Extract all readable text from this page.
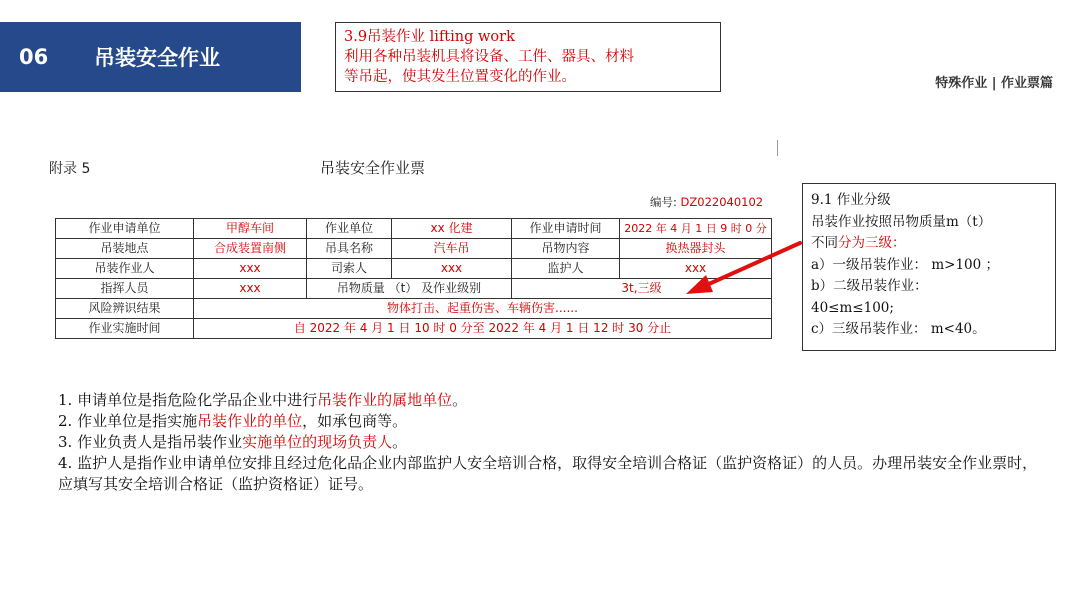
06	吊装安全作业
特殊作业 | 作业票篇
3.9吊装作业 lifting work
利用各种吊装机具将设备、工件、器具、材料
等吊起，使其发生位置变化的作业。
附录 5	吊装安全作业票
编号: DZ022040102
作业申请单位	甲醇车间	作业单位	xx 化建	作业申请时间	2022 年 4 月 1 日 9 时 0 分
吊装地点	合成装置南侧	吊具名称	汽车吊	吊物内容	换热器封头
吊装作业人	xxx	司索人	xxx	监护人	xxx
指挥人员	xxx	吊物质量 （t） 及作业级别		3t,三级	
风险辨识结果	物体打击、起重伤害、车辆伤害......				
作业实施时间	自 2022 年 4 月 1 日 10 时 0 分至 2022 年 4 月 1 日 12 时 30 分止				
9.1 作业分级
吊装作业按照吊物质量m（t）
不同分为三级：
a）一级吊装作业： m>100 ；
b）二级吊装作业：
40≤m≤100;
c）三级吊装作业： m<40。

1. 申请单位是指危险化学品企业中进行吊装作业的属地单位。

2. 作业单位是指实施吊装作业的单位，如承包商等。

3. 作业负责人是指吊装作业实施单位的现场负责人。

4. 监护人是指作业申请单位安排且经过危化品企业内部监护人安全培训合格，取得安全培训合格证（监护资格证）的人员。办理吊装安全作业票时，应填写其安全培训合格证（监护资格证）证号。
